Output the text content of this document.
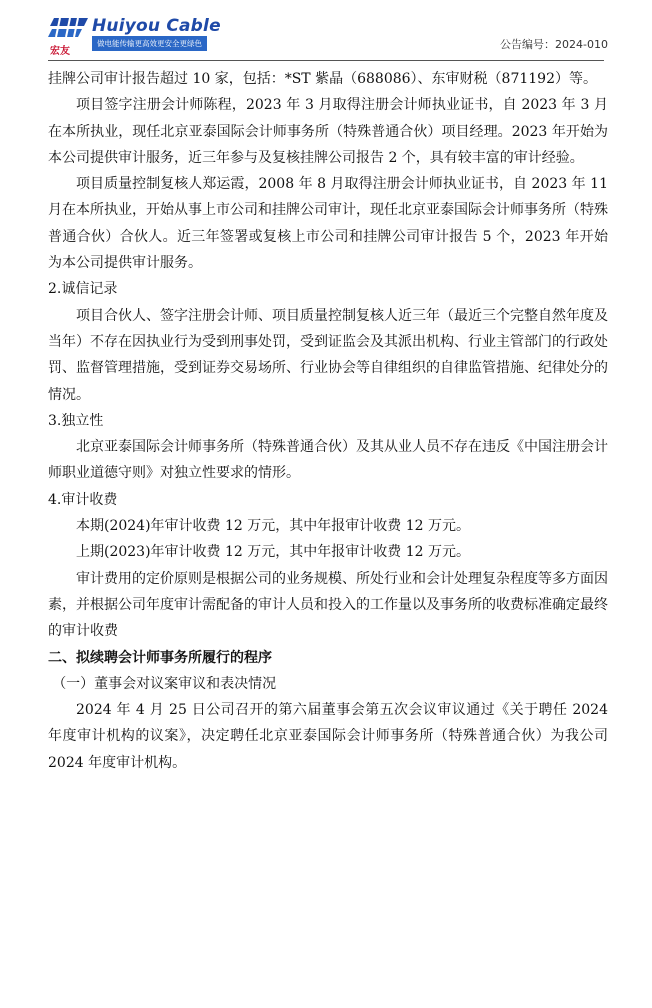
Huiyou Cable
宏友
做电能传输更高效更安全更绿色	公告编号：2024-010

挂牌公司审计报告超过 10 家，包括：*ST 紫晶（688086）、东审财税（871192）等。

项目签字注册会计师陈程，2023 年 3 月取得注册会计师执业证书，自 2023 年 3 月在本所执业，现任北京亚泰国际会计师事务所（特殊普通合伙）项目经理。2023 年开始为本公司提供审计服务，近三年参与及复核挂牌公司报告 2 个，具有较丰富的审计经验。

项目质量控制复核人郑运霞，2008 年 8 月取得注册会计师执业证书，自 2023 年 11 月在本所执业，开始从事上市公司和挂牌公司审计，现任北京亚泰国际会计师事务所（特殊普通合伙）合伙人。近三年签署或复核上市公司和挂牌公司审计报告 5 个，2023 年开始为本公司提供审计服务。

2.诚信记录

项目合伙人、签字注册会计师、项目质量控制复核人近三年（最近三个完整自然年度及当年）不存在因执业行为受到刑事处罚，受到证监会及其派出机构、行业主管部门的行政处罚、监督管理措施，受到证券交易场所、行业协会等自律组织的自律监管措施、纪律处分的情况。

3.独立性

北京亚泰国际会计师事务所（特殊普通合伙）及其从业人员不存在违反《中国注册会计师职业道德守则》对独立性要求的情形。

4.审计收费

本期(2024)年审计收费 12 万元，其中年报审计收费 12 万元。

上期(2023)年审计收费 12 万元，其中年报审计收费 12 万元。

审计费用的定价原则是根据公司的业务规模、所处行业和会计处理复杂程度等多方面因素，并根据公司年度审计需配备的审计人员和投入的工作量以及事务所的收费标准确定最终的审计收费

二、拟续聘会计师事务所履行的程序

（一）董事会对议案审议和表决情况

2024 年 4 月 25 日公司召开的第六届董事会第五次会议审议通过《关于聘任 2024 年度审计机构的议案》，决定聘任北京亚泰国际会计师事务所（特殊普通合伙）为我公司 2024 年度审计机构。
